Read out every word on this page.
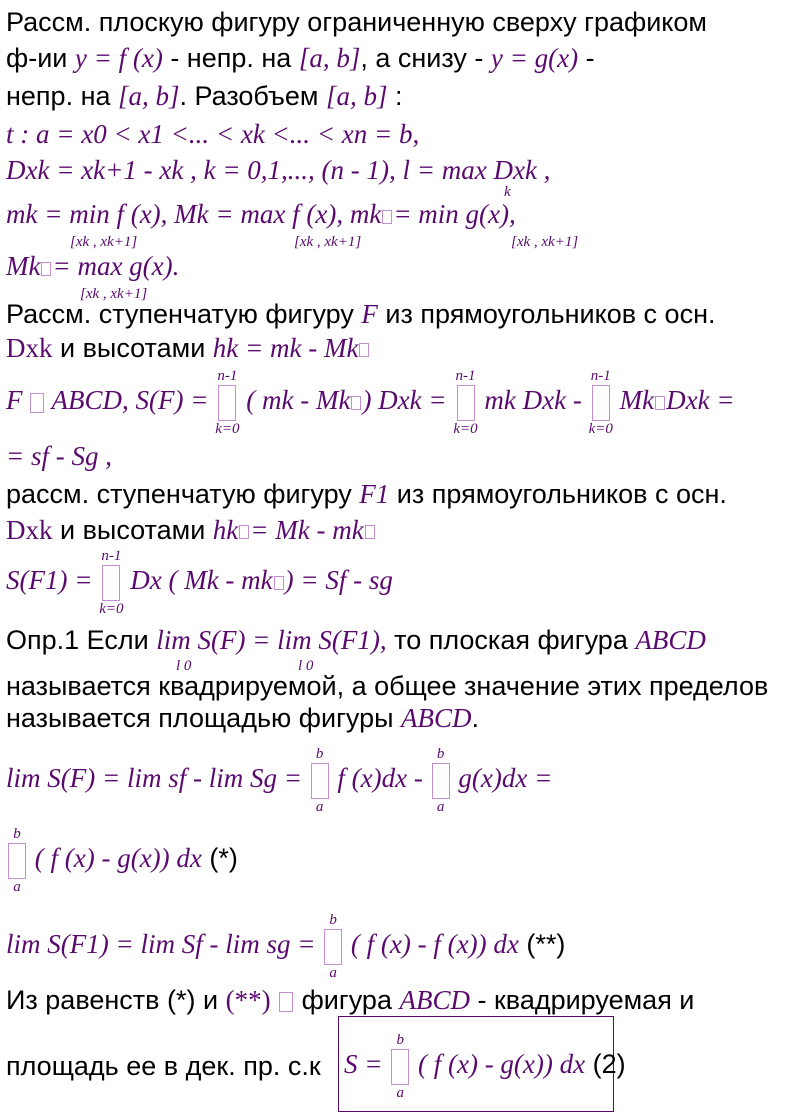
Рассм. плоскую фигуру ограниченную сверху графиком
ф-ии y = f (x) - непр. на [a, b], а снизу - y = g(x) -
непр. на [a, b]. Разобъем [a, b] :
t : a = x0 < x1 <... < xk <... < xn = b,
Dxk = xk+1 - xk , k = 0,1,..., (n - 1), l = max Dxk ,
k
mk = min f (x), Mk = max f (x), mk = min g(x),
[xk , xk+1]	[xk , xk+1]	[xk , xk+1]
Mk = max g(x).
[xk , xk+1]
Рассм. ступенчатую фигуру F из прямоугольников с осн.
Dxk и высотами hk = mk - Mk
F  ABCD, S(F) =
n-1
k=0
( mk - Mk ) Dxk =
n-1
k=0
mk Dxk -
n-1
k=0
Mk Dxk =
= sf - Sg ,
рассм. ступенчатую фигуру F1 из прямоугольников с осн.
Dxk и высотами hk = Mk - mk
S(F1) =
n-1
k=0
Dx ( Mk - mk ) = Sf - sg
Опр.1 Если lim S(F) = lim S(F1), то плоская фигура ABCD
l 0	l 0
называется квадрируемой, а общее значение этих пределов
называется площадью фигуры ABCD.
lim S(F) = lim sf - lim Sg =
b
a
f (x)dx -
b
a
g(x)dx =
b
a
( f (x) - g(x)) dx (*)
lim S(F1) = lim Sf - lim sg =
b
a
( f (x) - f (x)) dx (**)
Из равенств (*) и (**)  фигура ABCD - квадрируемая и
площадь ее в дек. пр. с.к S =
b
a
( f (x) - g(x)) dx (2)
